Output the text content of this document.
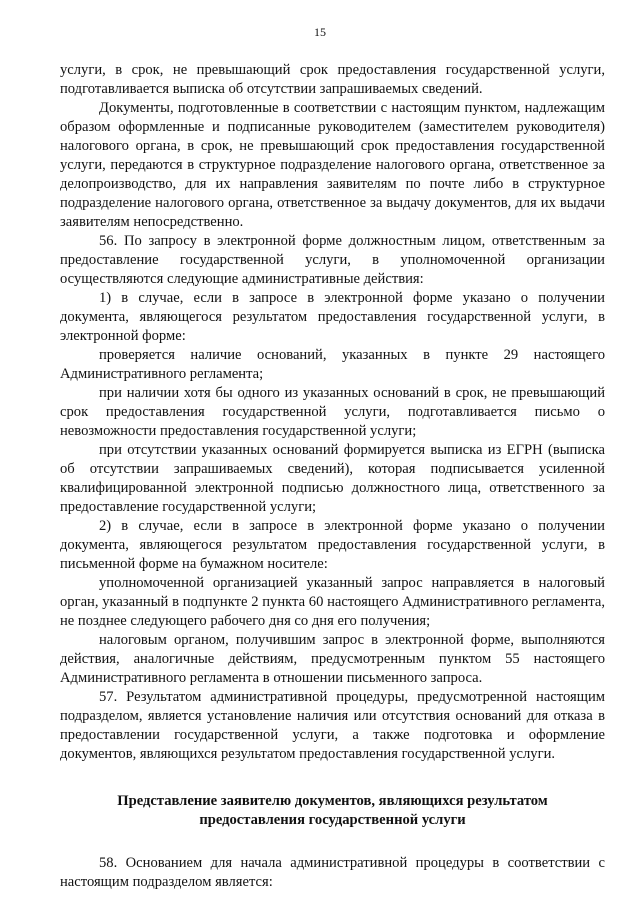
15

услуги, в срок, не превышающий срок предоставления государственной услуги, подготавливается выписка об отсутствии запрашиваемых сведений.

Документы, подготовленные в соответствии с настоящим пунктом, надлежащим образом оформленные и подписанные руководителем (заместителем руководителя) налогового органа, в срок, не превышающий срок предоставления государственной услуги, передаются в структурное подразделение налогового органа, ответственное за делопроизводство, для их направления заявителям по почте либо в структурное подразделение налогового органа, ответственное за выдачу документов, для их выдачи заявителям непосредственно.

56. По запросу в электронной форме должностным лицом, ответственным за предоставление государственной услуги, в уполномоченной организации осуществляются следующие административные действия:

1) в случае, если в запросе в электронной форме указано о получении документа, являющегося результатом предоставления государственной услуги, в электронной форме:

проверяется наличие оснований, указанных в пункте 29 настоящего Административного регламента;

при наличии хотя бы одного из указанных оснований в срок, не превышающий срок предоставления государственной услуги, подготавливается письмо о невозможности предоставления государственной услуги;

при отсутствии указанных оснований формируется выписка из ЕГРН (выписка об отсутствии запрашиваемых сведений), которая подписывается усиленной квалифицированной электронной подписью должностного лица, ответственного за предоставление государственной услуги;

2) в случае, если в запросе в электронной форме указано о получении документа, являющегося результатом предоставления государственной услуги, в письменной форме на бумажном носителе:

уполномоченной организацией указанный запрос направляется в налоговый орган, указанный в подпункте 2 пункта 60 настоящего Административного регламента, не позднее следующего рабочего дня со дня его получения;

налоговым органом, получившим запрос в электронной форме, выполняются действия, аналогичные действиям, предусмотренным пунктом 55 настоящего Административного регламента в отношении письменного запроса.

57. Результатом административной процедуры, предусмотренной настоящим подразделом, является установление наличия или отсутствия оснований для отказа в предоставлении государственной услуги, а также подготовка и оформление документов, являющихся результатом предоставления государственной услуги.

Представление заявителю документов, являющихся результатом предоставления государственной услуги

58. Основанием для начала административной процедуры в соответствии с настоящим подразделом является:
